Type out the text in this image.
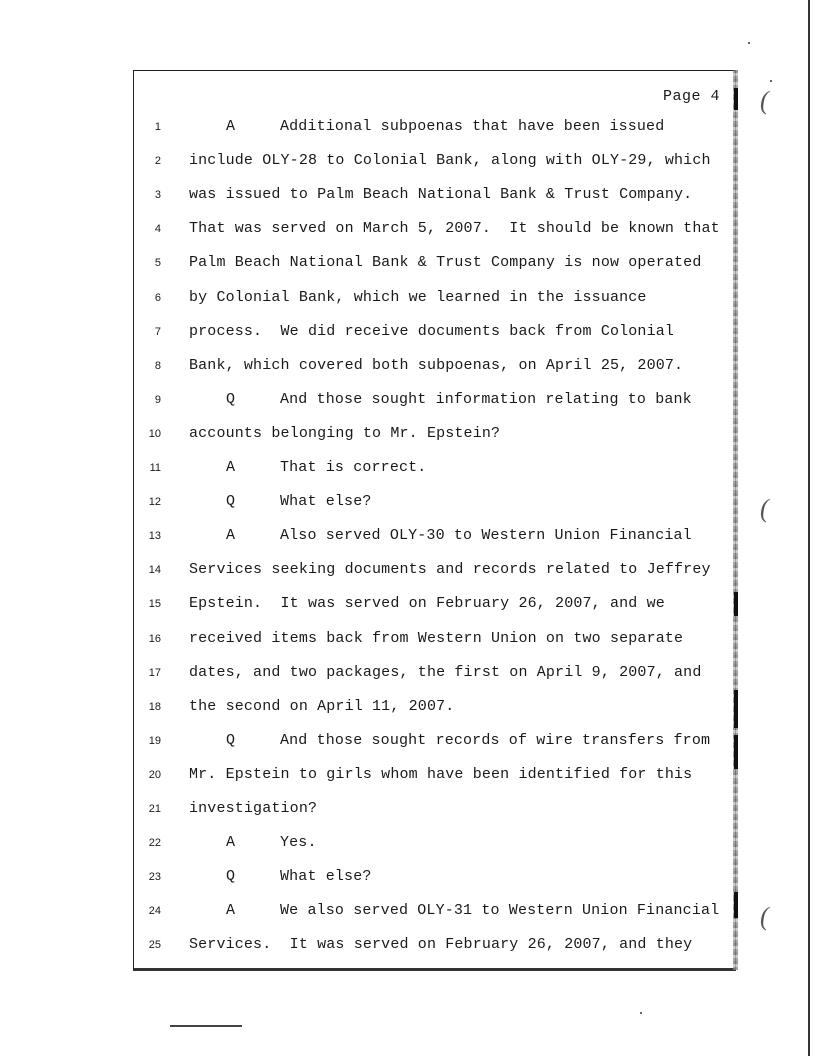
(
(
(
Page 4
1	A	Additional subpoenas that have been issued
2 include OLY-28 to Colonial Bank, along with OLY-29, which
3 was issued to Palm Beach National Bank & Trust Company.
4 That was served on March 5, 2007.  It should be known that
5 Palm Beach National Bank & Trust Company is now operated
6 by Colonial Bank, which we learned in the issuance
7 process.  We did receive documents back from Colonial
8 Bank, which covered both subpoenas, on April 25, 2007.
9	Q	And those sought information relating to bank
10 accounts belonging to Mr. Epstein?
11	A	That is correct.
12	Q	What else?
13	A	Also served OLY-30 to Western Union Financial
14 Services seeking documents and records related to Jeffrey
15 Epstein.  It was served on February 26, 2007, and we
16 received items back from Western Union on two separate
17 dates, and two packages, the first on April 9, 2007, and
18 the second on April 11, 2007.
19	Q	And those sought records of wire transfers from
20 Mr. Epstein to girls whom have been identified for this
21 investigation?
22	A	Yes.
23	Q	What else?
24	A	We also served OLY-31 to Western Union Financial
25 Services.  It was served on February 26, 2007, and they
